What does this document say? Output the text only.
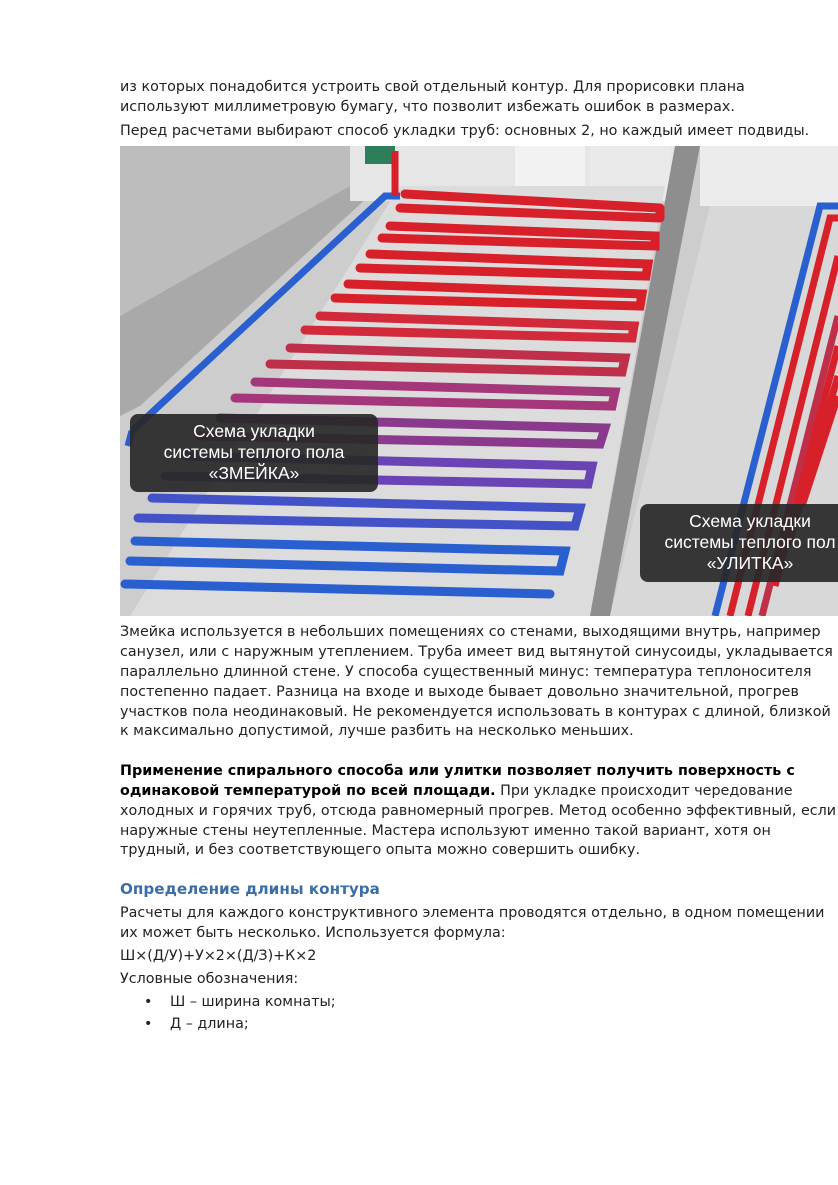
из которых понадобится устроить свой отдельный контур. Для прорисовки плана используют миллиметровую бумагу, что позволит избежать ошибок в размерах.

Перед расчетами выбирают способ укладки труб: основных 2, но каждый имеет подвиды.

Схема укладки
системы теплого пола
«ЗМЕЙКА»
Схема укладки
системы теплого пол
«УЛИТКА»

Змейка используется в небольших помещениях со стенами, выходящими внутрь, например санузел, или с наружным утеплением. Труба имеет вид вытянутой синусоиды, укладывается параллельно длинной стене. У способа существенный минус: температура теплоносителя постепенно падает. Разница на входе и выходе бывает довольно значительной, прогрев участков пола неодинаковый. Не рекомендуется использовать в контурах с длиной, близкой к максимально допустимой, лучше разбить на несколько меньших.

Применение спирального способа или улитки позволяет получить поверхность с одинаковой температурой по всей площади. При укладке происходит чередование холодных и горячих труб, отсюда равномерный прогрев. Метод особенно эффективный, если наружные стены неутепленные. Мастера используют именно такой вариант, хотя он трудный, и без соответствующего опыта можно совершить ошибку.

Определение длины контура

Расчеты для каждого конструктивного элемента проводятся отдельно, в одном помещении их может быть несколько. Используется формула:

Ш×(Д/У)+У×2×(Д/З)+К×2

Условные обозначения:

• Ш – ширина комнаты;
• Д – длина;
